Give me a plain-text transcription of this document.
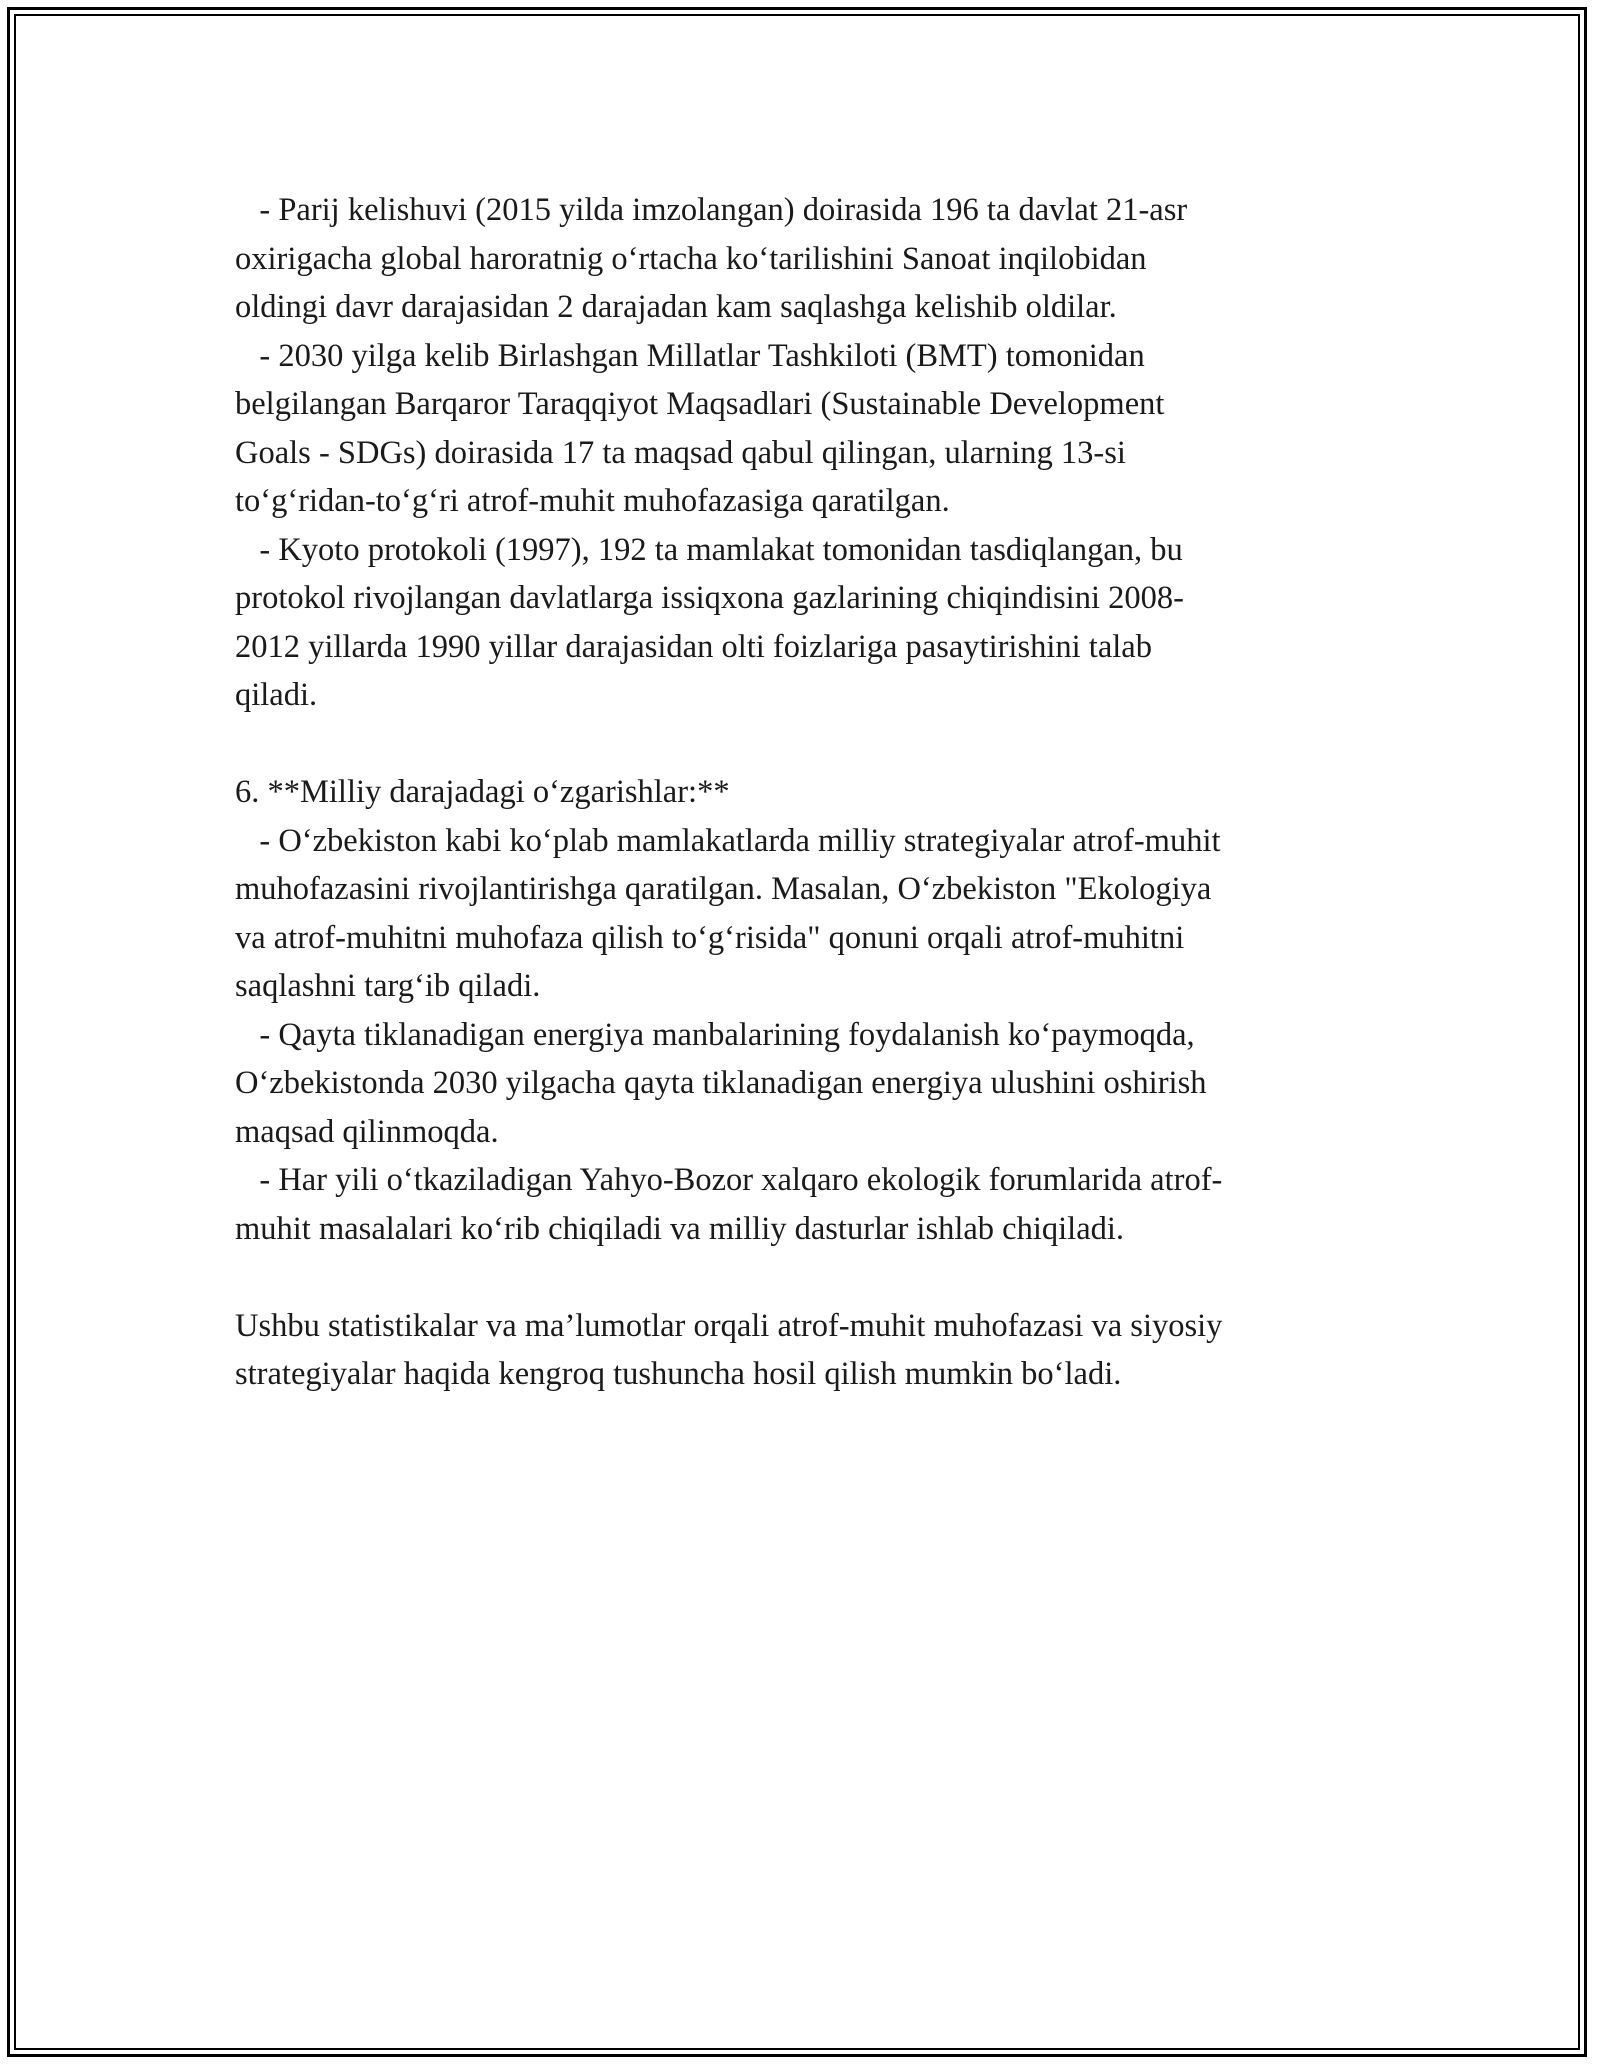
- Parij kelishuvi (2015 yilda imzolangan) doirasida 196 ta davlat 21-asr
oxirigacha global haroratnig o‘rtacha ko‘tarilishini Sanoat inqilobidan
oldingi davr darajasidan 2 darajadan kam saqlashga kelishib oldilar.
- 2030 yilga kelib Birlashgan Millatlar Tashkiloti (BMT) tomonidan
belgilangan Barqaror Taraqqiyot Maqsadlari (Sustainable Development
Goals - SDGs) doirasida 17 ta maqsad qabul qilingan, ularning 13-si
to‘g‘ridan-to‘g‘ri atrof-muhit muhofazasiga qaratilgan.
- Kyoto protokoli (1997), 192 ta mamlakat tomonidan tasdiqlangan, bu
protokol rivojlangan davlatlarga issiqxona gazlarining chiqindisini 2008-
2012 yillarda 1990 yillar darajasidan olti foizlariga pasaytirishini talab
qiladi.
6. **Milliy darajadagi o‘zgarishlar:**
- O‘zbekiston kabi ko‘plab mamlakatlarda milliy strategiyalar atrof-muhit
muhofazasini rivojlantirishga qaratilgan. Masalan, O‘zbekiston "Ekologiya
va atrof-muhitni muhofaza qilish to‘g‘risida" qonuni orqali atrof-muhitni
saqlashni targ‘ib qiladi.
- Qayta tiklanadigan energiya manbalarining foydalanish ko‘paymoqda,
O‘zbekistonda 2030 yilgacha qayta tiklanadigan energiya ulushini oshirish
maqsad qilinmoqda.
- Har yili o‘tkaziladigan Yahyo-Bozor xalqaro ekologik forumlarida atrof-
muhit masalalari ko‘rib chiqiladi va milliy dasturlar ishlab chiqiladi.
Ushbu statistikalar va ma’lumotlar orqali atrof-muhit muhofazasi va siyosiy
strategiyalar haqida kengroq tushuncha hosil qilish mumkin bo‘ladi.
